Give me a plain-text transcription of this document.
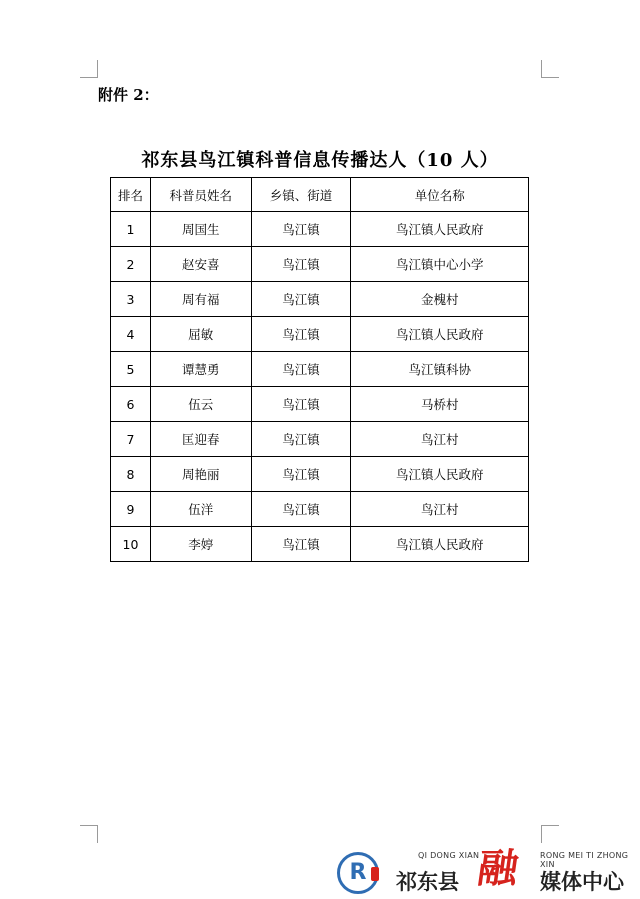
附件 2：
祁东县鸟江镇科普信息传播达人（10 人）
排名	科普员姓名	乡镇、街道	单位名称
1	周国生	鸟江镇	鸟江镇人民政府
2	赵安喜	鸟江镇	鸟江镇中心小学
3	周有福	鸟江镇	金槐村
4	屈敏	鸟江镇	鸟江镇人民政府
5	谭慧勇	鸟江镇	鸟江镇科协
6	伍云	鸟江镇	马桥村
7	匡迎春	鸟江镇	鸟江村
8	周艳丽	鸟江镇	鸟江镇人民政府
9	伍洋	鸟江镇	鸟江村
10	李婷	鸟江镇	鸟江镇人民政府
R
QI DONG XIAN	RONG MEI TI ZHONG XIN
祁东县 融 媒体中心
